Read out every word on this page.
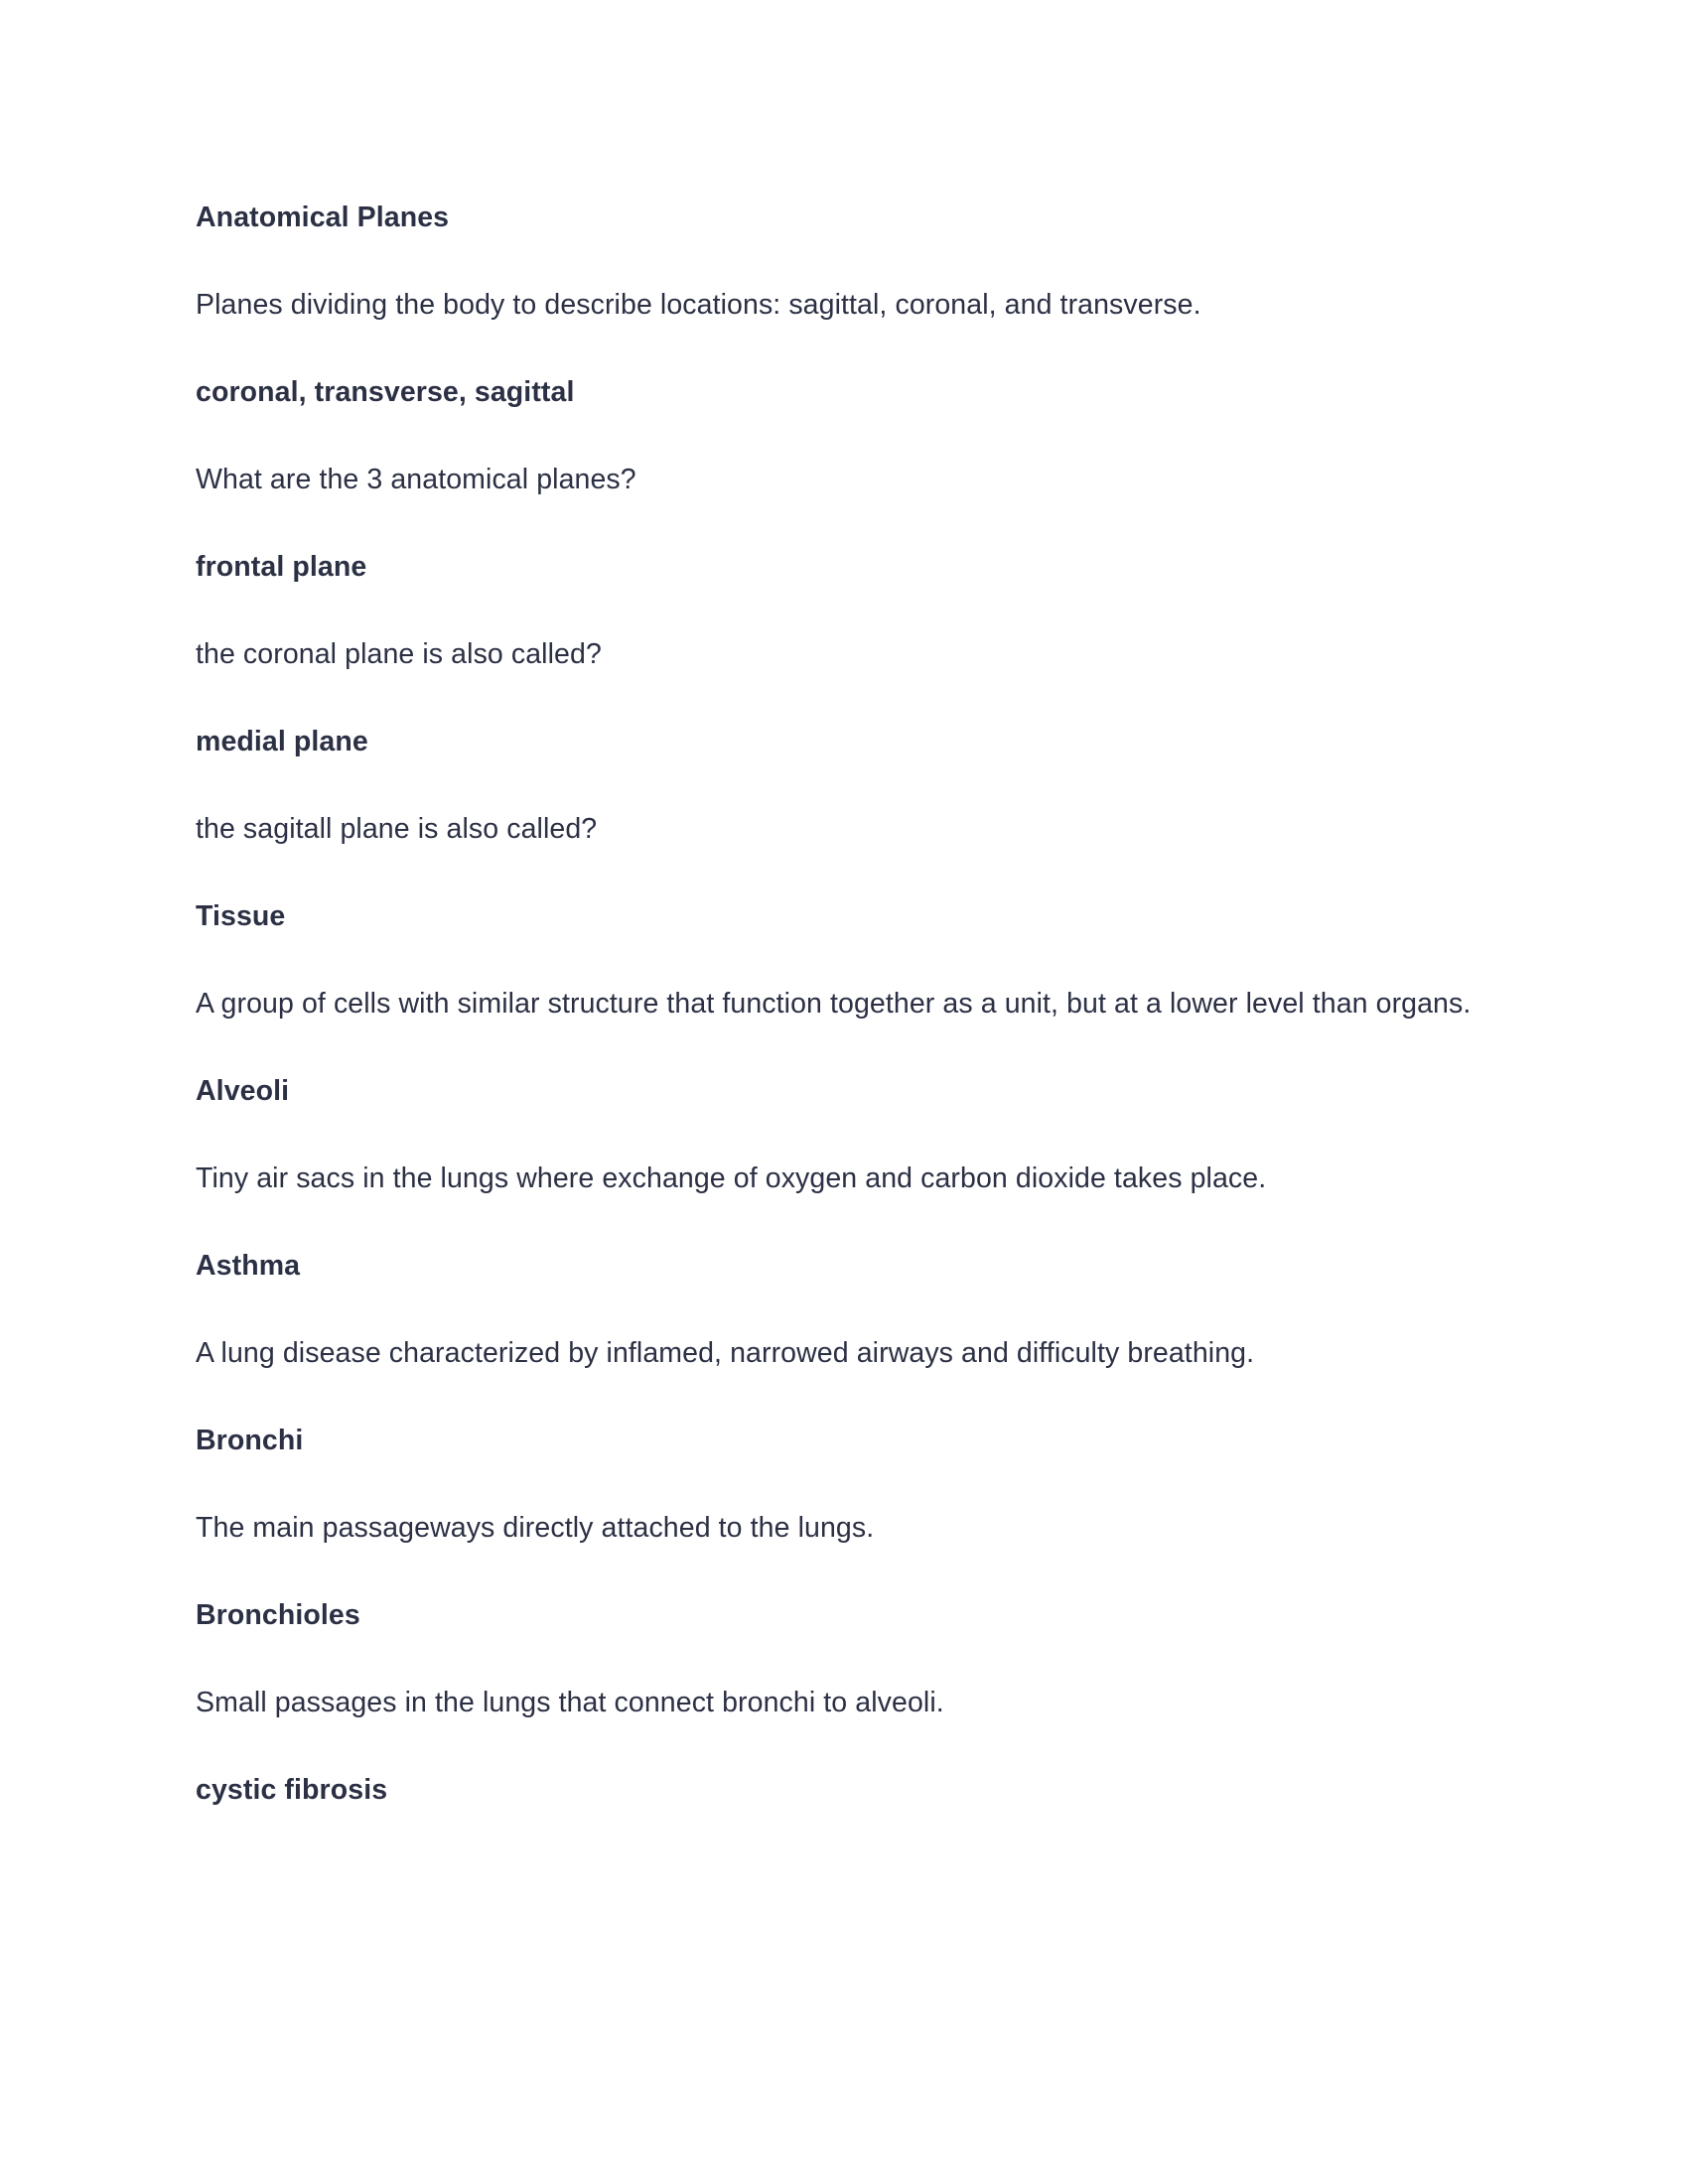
Anatomical Planes

Planes dividing the body to describe locations: sagittal, coronal, and transverse.

coronal, transverse, sagittal

What are the 3 anatomical planes?

frontal plane

the coronal plane is also called?

medial plane

the sagitall plane is also called?

Tissue

A group of cells with similar structure that function together as a unit, but at a lower level than organs.

Alveoli

Tiny air sacs in the lungs where exchange of oxygen and carbon dioxide takes place.

Asthma

A lung disease characterized by inflamed, narrowed airways and difficulty breathing.

Bronchi

The main passageways directly attached to the lungs.

Bronchioles

Small passages in the lungs that connect bronchi to alveoli.

cystic fibrosis
